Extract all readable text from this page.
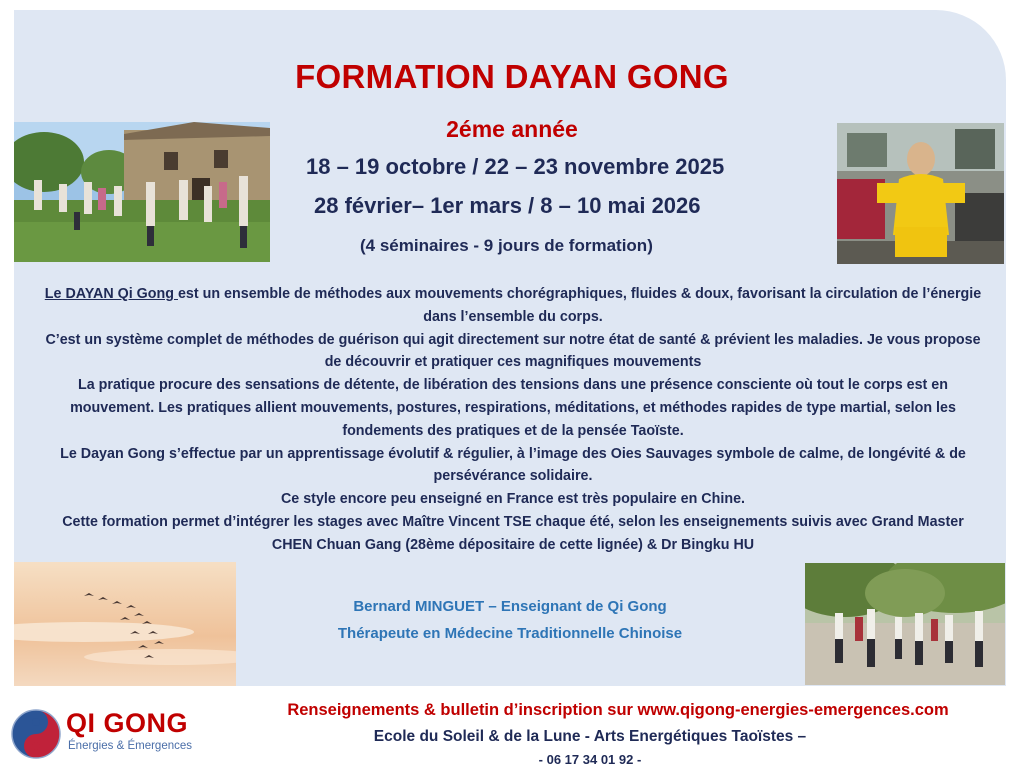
FORMATION DAYAN GONG
2éme année
18 – 19 octobre / 22 – 23 novembre 2025
28 février– 1er mars / 8 – 10 mai 2026
(4 séminaires - 9 jours de formation)

Le DAYAN Qi Gong est un ensemble de méthodes aux mouvements chorégraphiques, fluides & doux, favorisant la circulation de l’énergie dans l’ensemble du corps.

C’est un système complet de méthodes de guérison qui agit directement sur notre état de santé & prévient les maladies. Je vous propose de découvrir et pratiquer ces magnifiques mouvements

La pratique procure des sensations de détente, de libération des tensions dans une présence consciente où tout le corps est en mouvement. Les pratiques allient mouvements, postures, respirations, méditations, et méthodes rapides de type martial, selon les fondements des pratiques et de la pensée Taoïste.

Le Dayan Gong s’effectue par un apprentissage évolutif & régulier, à l’image des Oies Sauvages symbole de calme, de longévité & de persévérance solidaire.

Ce style encore peu enseigné en France est très populaire en Chine.

Cette formation permet d’intégrer les stages avec Maître Vincent TSE chaque été, selon les enseignements suivis avec Grand Master CHEN Chuan Gang (28ème dépositaire de cette lignée) & Dr Bingku HU

Bernard MINGUET – Enseignant de Qi Gong
Thérapeute en Médecine Traditionnelle Chinoise
QI GONG
Énergies & Émergences
Renseignements & bulletin d’inscription sur www.qigong-energies-emergences.com
Ecole du Soleil & de la Lune - Arts Energétiques Taoïstes –
- 06 17 34 01 92 -
